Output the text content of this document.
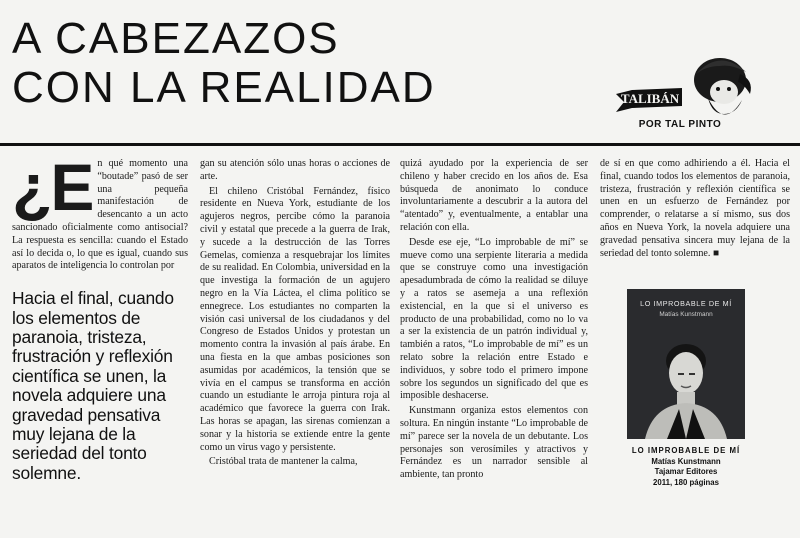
A CABEZAZOS
CON LA REALIDAD	TALIBÁN
POR TAL PINTO

¿E n qué momento una “boutade” pasó de ser una pequeña manifestación de desencanto a un acto sancionado oficialmente como antisocial? La respuesta es sencilla: cuando el Estado así lo decida o, lo que es igual, cuando sus aparatos de inteligencia lo controlan por

Hacia el final, cuando los elementos de paranoia, tristeza, frustración y reflexión científica se unen, la novela adquiere una gravedad pensativa muy lejana de la seriedad del tonto solemne.

gan su atención sólo unas horas o acciones de arte.

El chileno Cristóbal Fernández, físico residente en Nueva York, estudiante de los agujeros negros, percibe cómo la paranoia civil y estatal que precede a la guerra de Irak, y sucede a la destrucción de las Torres Gemelas, comienza a resquebrajar los límites de su realidad. En Colombia, universidad en la que investiga la formación de un agujero negro en la Vía Láctea, el clima político se ennegrece. Los estudiantes no comparten la visión casi universal de los ciudadanos y del Congreso de Estados Unidos y protestan un momento contra la invasión al país árabe. En una fiesta en la que ambas posiciones son asumidas por académicos, la tensión que se vivía en el campus se transforma en acción cuando un estudiante le arroja pintura roja al académico que favorece la guerra con Irak. Las horas se apagan, las sirenas comienzan a sonar y la historia se extiende entre la gente como un virus vago y persistente.

Cristóbal trata de mantener la calma,

quizá ayudado por la experiencia de ser chileno y haber crecido en los años de. Esa búsqueda de anonimato lo conduce involuntariamente a descubrir a la autora del “atentado” y, eventualmente, a entablar una relación con ella.

Desde ese eje, “Lo improbable de mí” se mueve como una serpiente literaria a medida que se construye como una investigación apesadumbrada de cómo la realidad se diluye y a ratos se asemeja a una reflexión existencial, en la que si el universo es producto de una probabilidad, como no lo va a ser la existencia de un patrón individual y, también a ratos, “Lo improbable de mí” es un relato sobre la relación entre Estado e individuos, y sobre todo el primero impone sobre los segundos un significado del que es imposible deshacerse.

Kunstmann organiza estos elementos con soltura. En ningún instante “Lo improbable de mí” parece ser la novela de un debutante. Los personajes son verosímiles y atractivos y Fernández es un narrador sensible al ambiente, tan pronto

de sí en que como adhiriendo a él. Hacia el final, cuando todos los elementos de paranoia, tristeza, frustración y reflexión científica se unen en un esfuerzo de Fernández por comprender, o relatarse a sí mismo, sus dos años en Nueva York, la novela adquiere una gravedad pensativa sincera muy lejana de la seriedad del tonto solemne. ■

LO IMPROBABLE DE MÍ
Matías Kunstmann
LO IMPROBABLE DE MÍ
Matías Kunstmann
Tajamar Editores
2011, 180 páginas
